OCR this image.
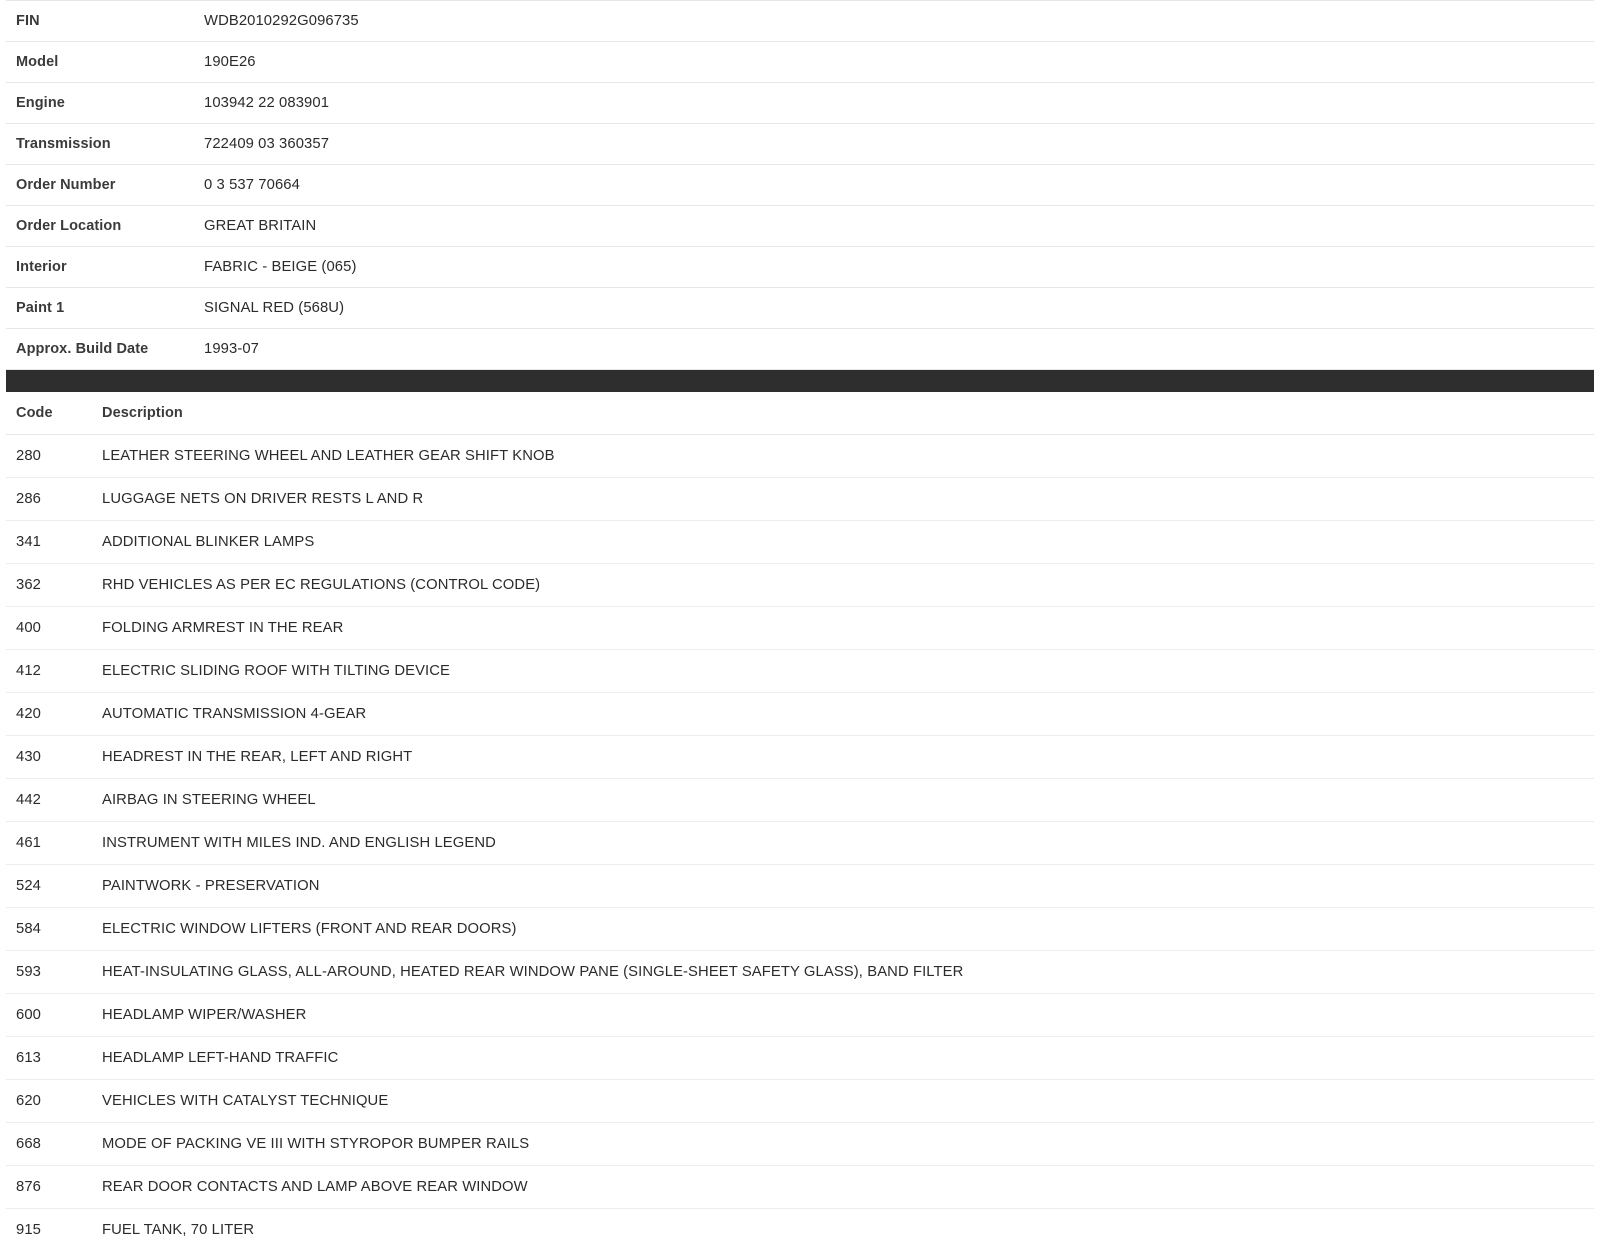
FIN	WDB2010292G096735
Model	190E26
Engine	103942 22 083901
Transmission	722409 03 360357
Order Number	0 3 537 70664
Order Location	GREAT BRITAIN
Interior	FABRIC - BEIGE (065)
Paint 1	SIGNAL RED (568U)
Approx. Build Date	1993-07
Code	Description
280	LEATHER STEERING WHEEL AND LEATHER GEAR SHIFT KNOB
286	LUGGAGE NETS ON DRIVER RESTS L AND R
341	ADDITIONAL BLINKER LAMPS
362	RHD VEHICLES AS PER EC REGULATIONS (CONTROL CODE)
400	FOLDING ARMREST IN THE REAR
412	ELECTRIC SLIDING ROOF WITH TILTING DEVICE
420	AUTOMATIC TRANSMISSION 4-GEAR
430	HEADREST IN THE REAR, LEFT AND RIGHT
442	AIRBAG IN STEERING WHEEL
461	INSTRUMENT WITH MILES IND. AND ENGLISH LEGEND
524	PAINTWORK - PRESERVATION
584	ELECTRIC WINDOW LIFTERS (FRONT AND REAR DOORS)
593	HEAT-INSULATING GLASS, ALL-AROUND, HEATED REAR WINDOW PANE (SINGLE-SHEET SAFETY GLASS), BAND FILTER
600	HEADLAMP WIPER/WASHER
613	HEADLAMP LEFT-HAND TRAFFIC
620	VEHICLES WITH CATALYST TECHNIQUE
668	MODE OF PACKING VE III WITH STYROPOR BUMPER RAILS
876	REAR DOOR CONTACTS AND LAMP ABOVE REAR WINDOW
915	FUEL TANK, 70 LITER
